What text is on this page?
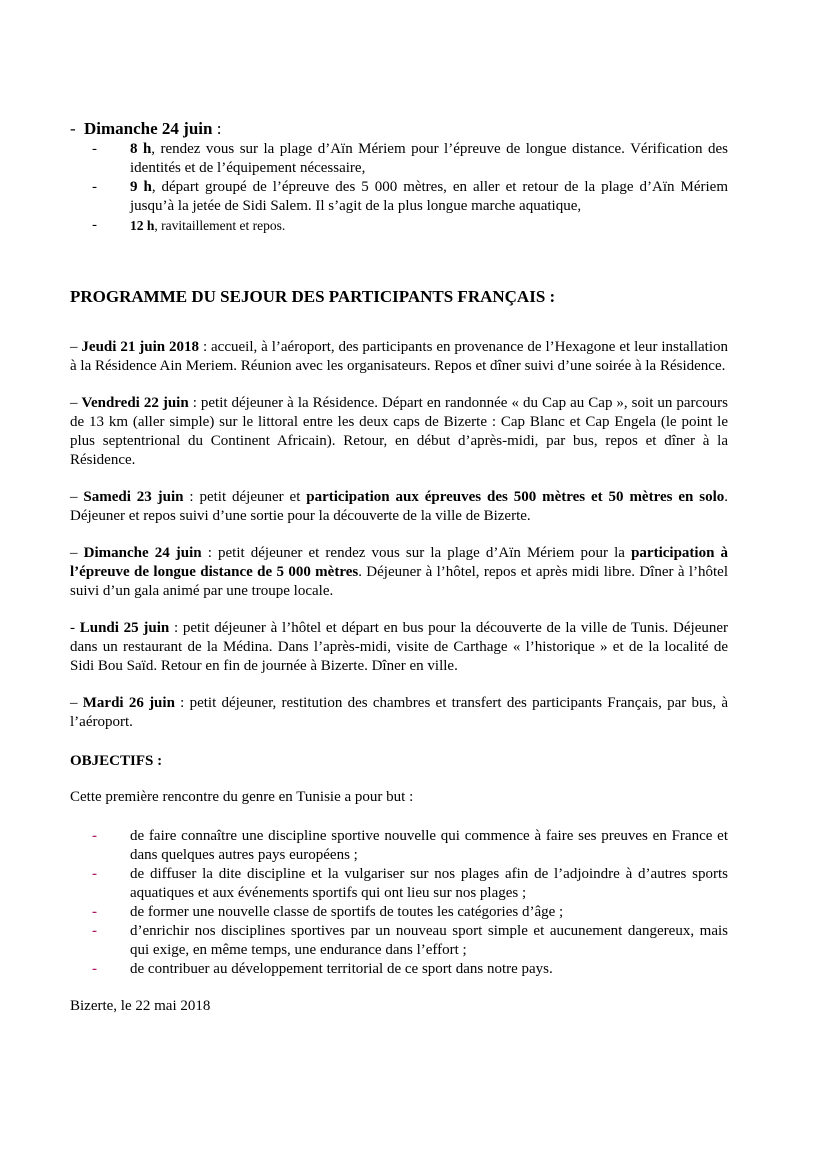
- Dimanche 24 juin :
- 8 h, rendez vous sur la plage d’Aïn Mériem pour l’épreuve de longue distance. Vérification des identités et de l’équipement nécessaire,
- 9 h, départ groupé de l’épreuve des 5 000 mètres, en aller et retour de la plage d’Aïn Mériem jusqu’à la jetée de Sidi Salem. Il s’agit de la plus longue marche aquatique,
- 12 h, ravitaillement et repos.
PROGRAMME DU SEJOUR DES PARTICIPANTS FRANÇAIS :

– Jeudi 21 juin 2018 : accueil, à l’aéroport, des participants en provenance de l’Hexagone et leur installation à la Résidence Ain Meriem. Réunion avec les organisateurs. Repos et dîner suivi d’une soirée à la Résidence.

– Vendredi 22 juin : petit déjeuner à la Résidence. Départ en randonnée « du Cap au Cap », soit un parcours de 13 km (aller simple) sur le littoral entre les deux caps de Bizerte : Cap Blanc et Cap Engela (le point le plus septentrional du Continent Africain). Retour, en début d’après-midi, par bus, repos et dîner à la Résidence.

– Samedi 23 juin : petit déjeuner et participation aux épreuves des 500 mètres et 50 mètres en solo. Déjeuner et repos suivi d’une sortie pour la découverte de la ville de Bizerte.

– Dimanche 24 juin : petit déjeuner et rendez vous sur la plage d’Aïn Mériem pour la participation à l’épreuve de longue distance de 5 000 mètres. Déjeuner à l’hôtel, repos et après midi libre. Dîner à l’hôtel suivi d’un gala animé par une troupe locale.

- Lundi 25 juin : petit déjeuner à l’hôtel et départ en bus pour la découverte de la ville de Tunis. Déjeuner dans un restaurant de la Médina. Dans l’après-midi, visite de Carthage « l’historique » et de la localité de Sidi Bou Saïd. Retour en fin de journée à Bizerte. Dîner en ville.

– Mardi 26 juin : petit déjeuner, restitution des chambres et transfert des participants Français, par bus, à l’aéroport.

OBJECTIFS :

Cette première rencontre du genre en Tunisie a pour but :

- de faire connaître une discipline sportive nouvelle qui commence à faire ses preuves en France et dans quelques autres pays européens ;
- de diffuser la dite discipline et la vulgariser sur nos plages afin de l’adjoindre à d’autres sports aquatiques et aux événements sportifs qui ont lieu sur nos plages ;
- de former une nouvelle classe de sportifs de toutes les catégories d’âge ;
- d’enrichir nos disciplines sportives par un nouveau sport simple et aucunement dangereux, mais qui exige, en même temps, une endurance dans l’effort ;
- de contribuer au développement territorial de ce sport dans notre pays.

Bizerte, le 22 mai 2018
